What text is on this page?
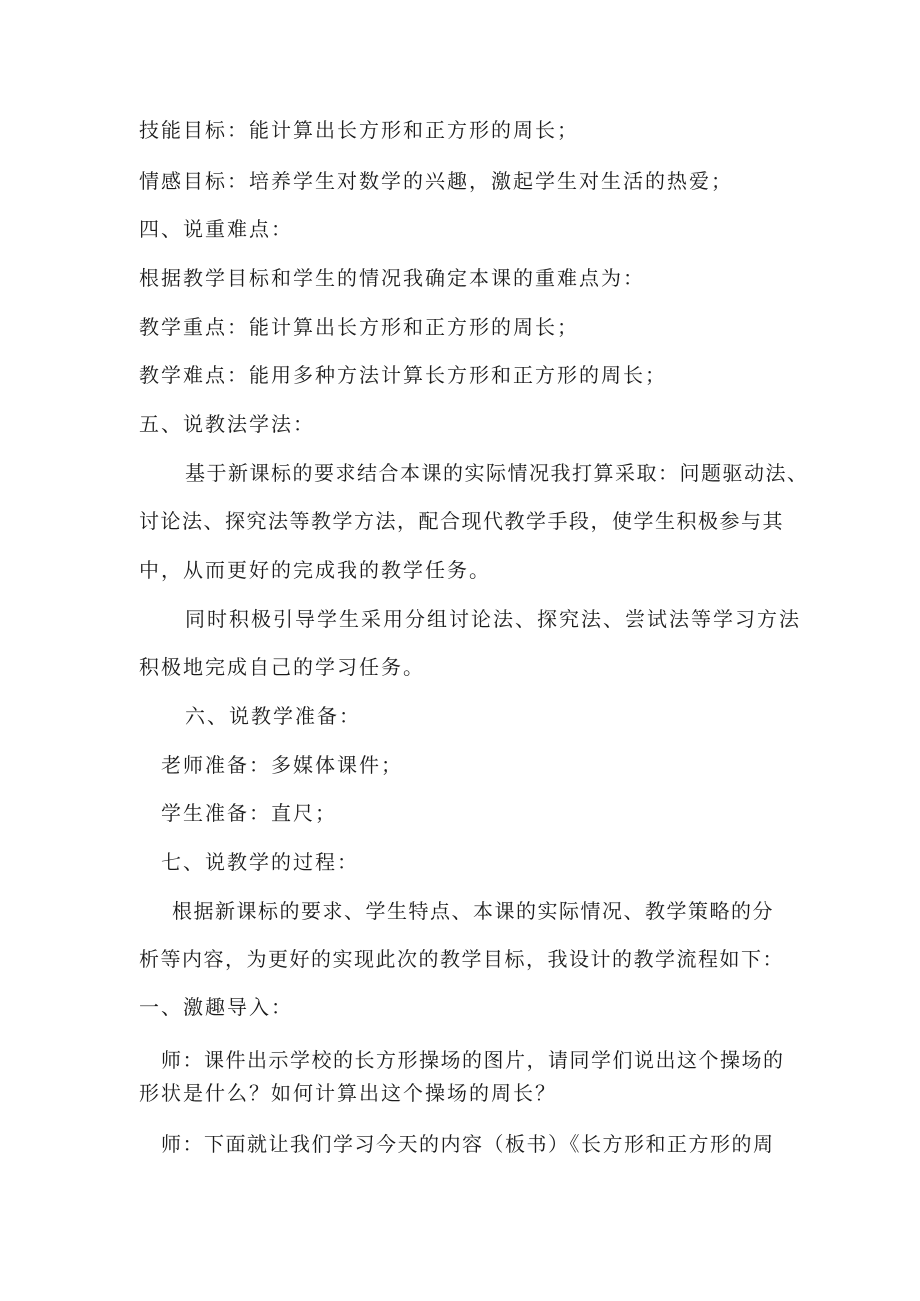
技能目标：能计算出长方形和正方形的周长；
情感目标：培养学生对数学的兴趣，激起学生对生活的热爱；
四、说重难点：
根据教学目标和学生的情况我确定本课的重难点为：
教学重点：能计算出长方形和正方形的周长；
教学难点：能用多种方法计算长方形和正方形的周长；
五、说教法学法：
基于新课标的要求结合本课的实际情况我打算采取：问题驱动法、
讨论法、探究法等教学方法，配合现代教学手段，使学生积极参与其
中，从而更好的完成我的教学任务。
同时积极引导学生采用分组讨论法、探究法、尝试法等学习方法
积极地完成自己的学习任务。
六、说教学准备：
老师准备：多媒体课件；
学生准备：直尺；
七、说教学的过程：
根据新课标的要求、学生特点、本课的实际情况、教学策略的分
析等内容，为更好的实现此次的教学目标，我设计的教学流程如下：
一、激趣导入：
师：课件出示学校的长方形操场的图片，请同学们说出这个操场的
形状是什么？如何计算出这个操场的周长？
师：下面就让我们学习今天的内容（板书）《长方形和正方形的周
